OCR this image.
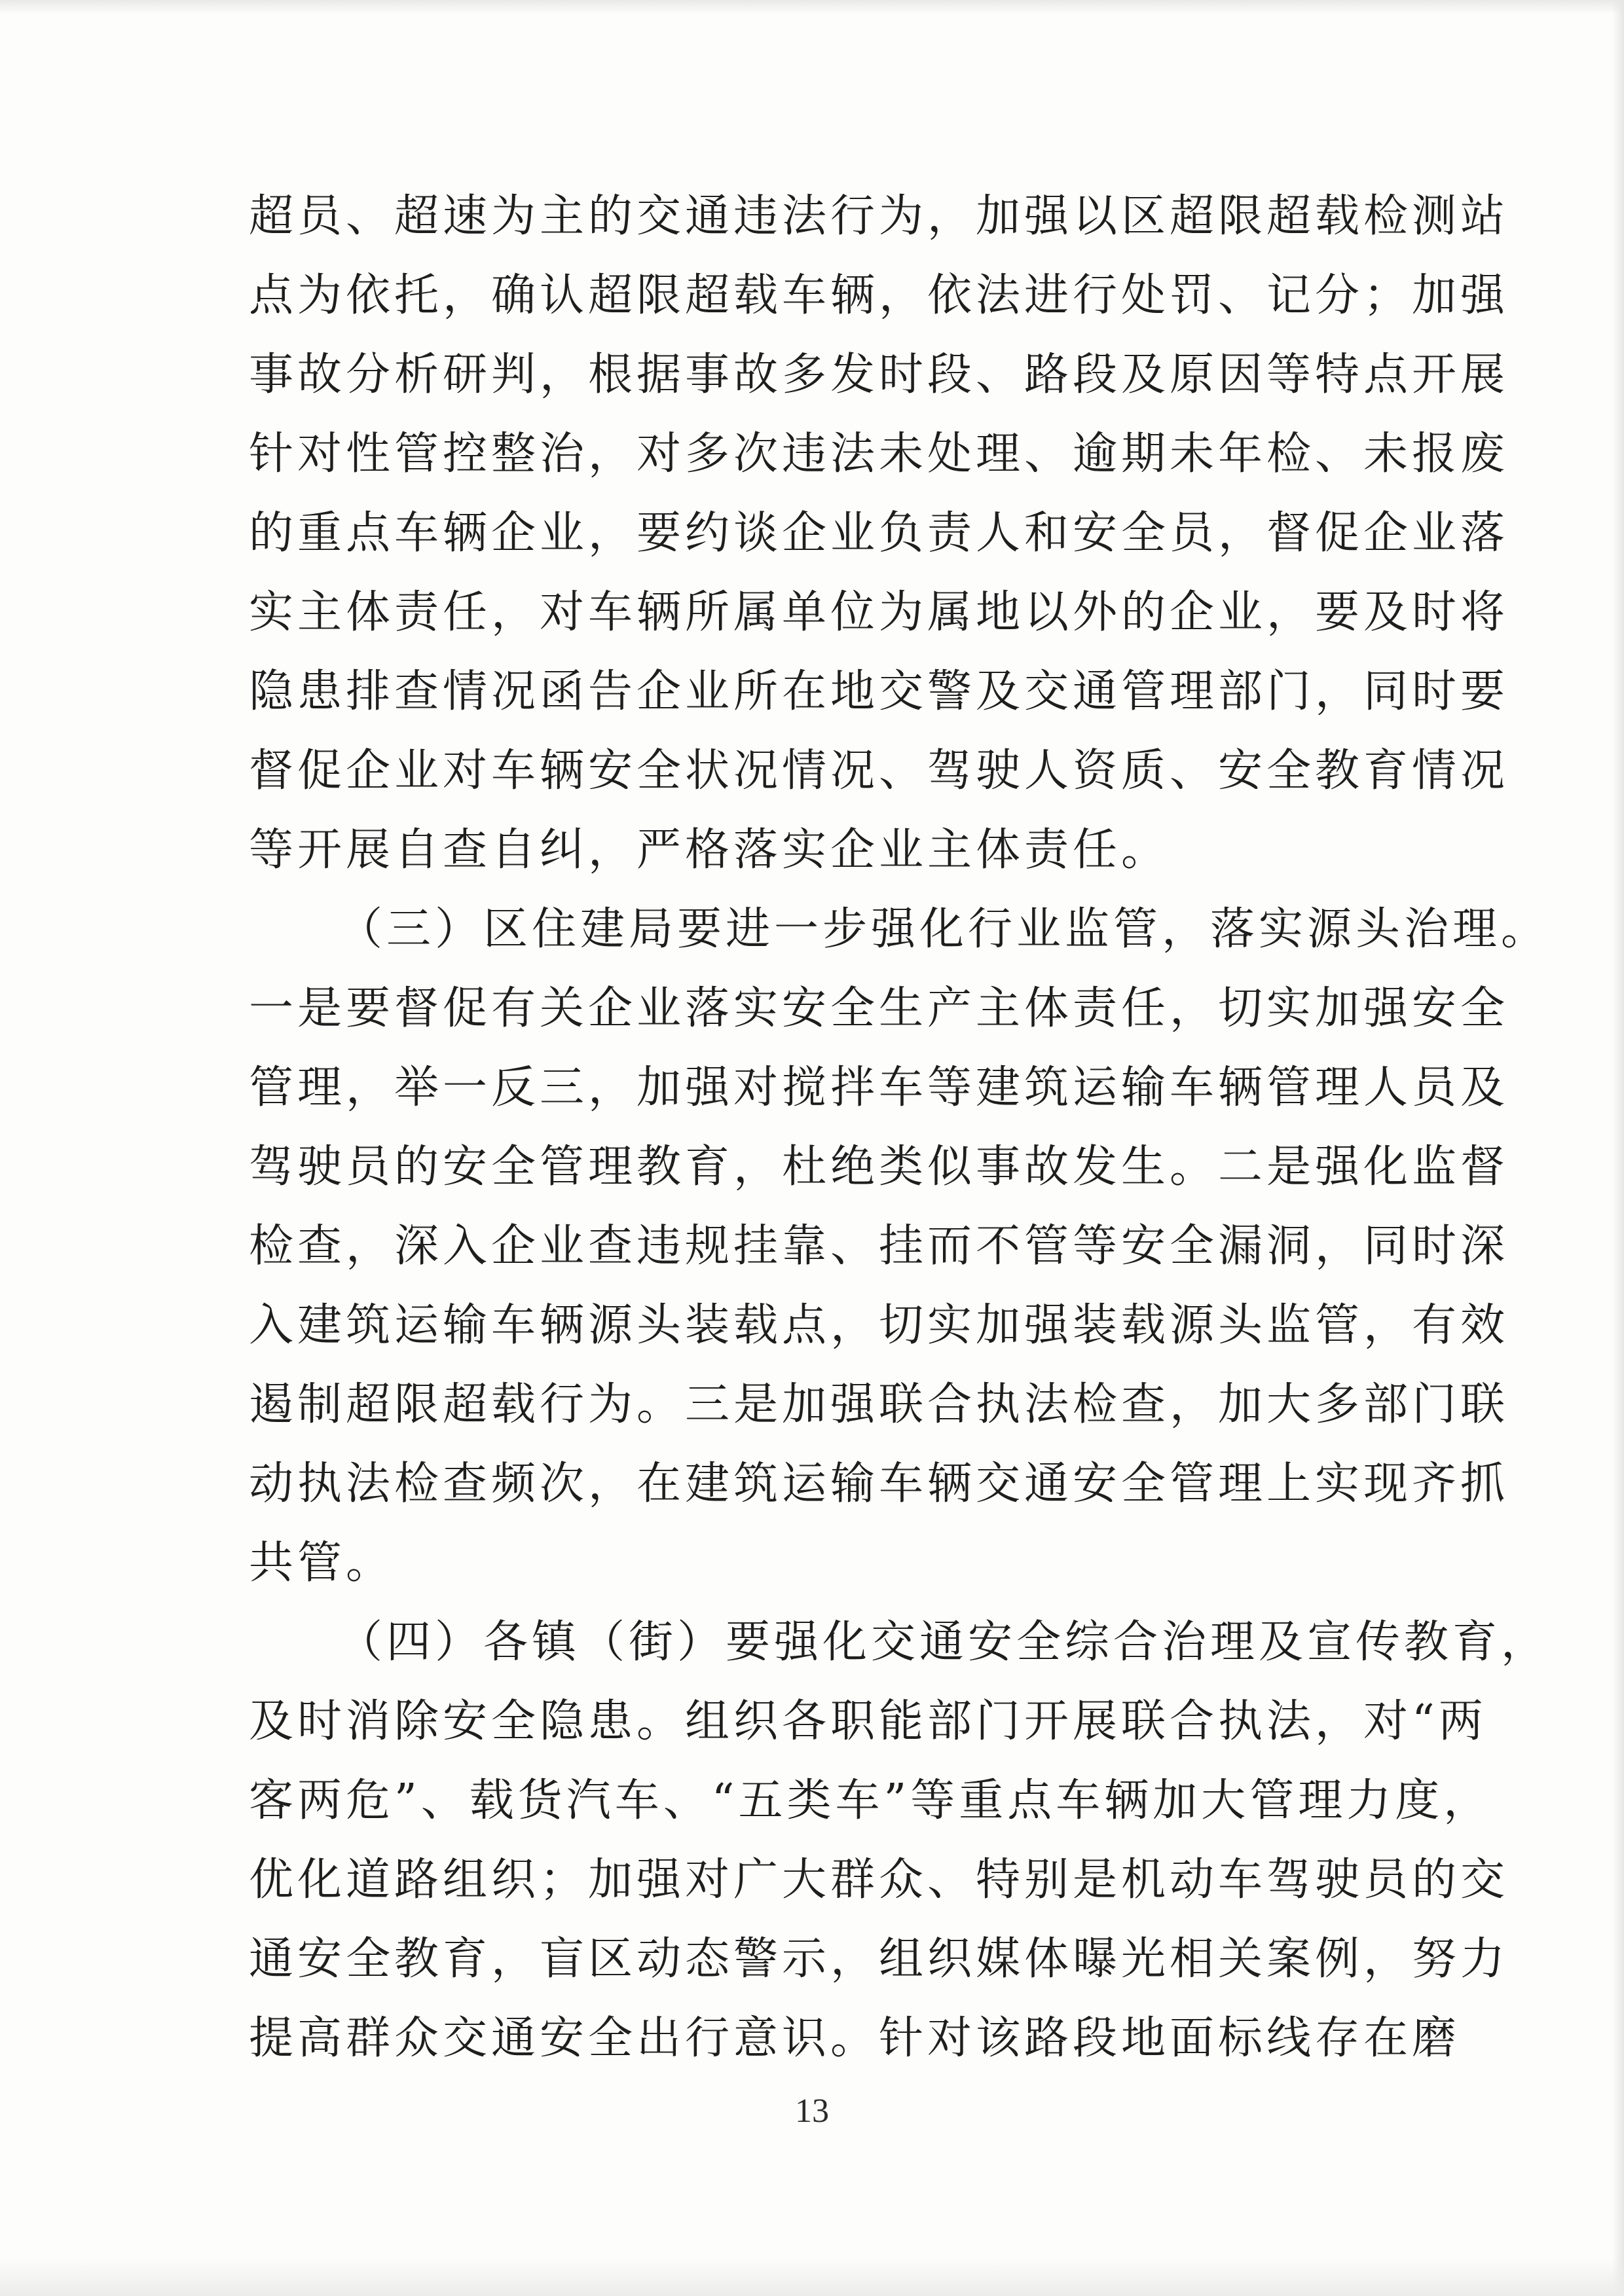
超员、超速为主的交通违法行为，加强以区超限超载检测站
点为依托，确认超限超载车辆，依法进行处罚、记分；加强
事故分析研判，根据事故多发时段、路段及原因等特点开展
针对性管控整治，对多次违法未处理、逾期未年检、未报废
的重点车辆企业，要约谈企业负责人和安全员，督促企业落
实主体责任，对车辆所属单位为属地以外的企业，要及时将
隐患排查情况函告企业所在地交警及交通管理部门，同时要
督促企业对车辆安全状况情况、驾驶人资质、安全教育情况
等开展自查自纠，严格落实企业主体责任。
（三）区住建局要进一步强化行业监管，落实源头治理。
一是要督促有关企业落实安全生产主体责任，切实加强安全
管理，举一反三，加强对搅拌车等建筑运输车辆管理人员及
驾驶员的安全管理教育，杜绝类似事故发生。二是强化监督
检查，深入企业查违规挂靠、挂而不管等安全漏洞，同时深
入建筑运输车辆源头装载点，切实加强装载源头监管，有效
遏制超限超载行为。三是加强联合执法检查，加大多部门联
动执法检查频次，在建筑运输车辆交通安全管理上实现齐抓
共管。
（四）各镇（街）要强化交通安全综合治理及宣传教育，
及时消除安全隐患。组织各职能部门开展联合执法，对“两
客两危”、载货汽车、“五类车”等重点车辆加大管理力度，
优化道路组织；加强对广大群众、特别是机动车驾驶员的交
通安全教育，盲区动态警示，组织媒体曝光相关案例，努力
提高群众交通安全出行意识。针对该路段地面标线存在磨
13
